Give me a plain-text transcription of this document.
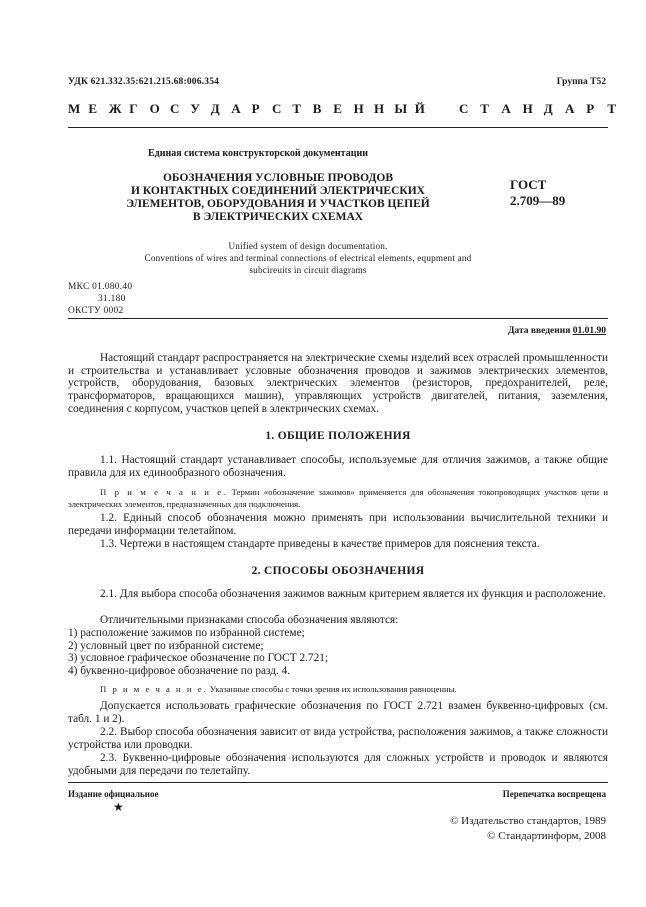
УДК 621.332.35:621.215.68:006.354	Группа Т52
М Е Ж Г О С У Д А Р С Т В Е Н Н Ы Й	С Т А Н Д А Р Т
Единая система конструкторской документации
ОБОЗНАЧЕНИЯ УСЛОВНЫЕ ПРОВОДОВ
И КОНТАКТНЫХ СОЕДИНЕНИЙ ЭЛЕКТРИЧЕСКИХ
ЭЛЕМЕНТОВ, ОБОРУДОВАНИЯ И УЧАСТКОВ ЦЕПЕЙ
В ЭЛЕКТРИЧЕСКИХ СХЕМАХ
ГОСТ
2.709—89
Unified system of design documentation.
Conventions of wires and terminal connections of electrical elements, equpment and
subcireuits in circuit diagrams
МКС 01.080.40
31.180
ОКСТУ 0002
Дата введения 01.01.90
Настоящий стандарт распространяется на электрические схемы изделий всех отраслей промышленности и строительства и устанавливает условные обозначения проводов и зажимов электрических элементов, устройств, оборудования, базовых электрических элементов (резисторов, предохранителей, реле, трансформаторов, вращающихся машин), управляющих устройств двигателей, питания, заземления, соединения с корпусом, участков цепей в электрических схемах.
1. ОБЩИЕ ПОЛОЖЕНИЯ
1.1. Настоящий стандарт устанавливает способы, используемые для отличия зажимов, а также общие правила для их единообразного обозначения.
П р и м е ч а н и е. Термин «обозначение зажимов» применяется для обозначения токопроводящих участков цепи и электрических элементов, предназначенных для подключения.
1.2. Единый способ обозначения можно применять при использовании вычислительной техники и передачи информации телетайпом.
1.3. Чертежи в настоящем стандарте приведены в качестве примеров для пояснения текста.
2. СПОСОБЫ ОБОЗНАЧЕНИЯ
2.1. Для выбора способа обозначения зажимов важным критерием является их функция и расположение.
Отличительными признаками способа обозначения являются:
1) расположение зажимов по избранной системе;
2) условный цвет по избранной системе;
3) условное графическое обозначение по ГОСТ 2.721;
4) буквенно-цифровое обозначение по разд. 4.
П р и м е ч а н и е. Указанные способы с точки зрения их использования равноценны.
Допускается использовать графические обозначения по ГОСТ 2.721 взамен буквенно-цифровых (см. табл. 1 и 2).
2.2. Выбор способа обозначения зависит от вида устройства, расположения зажимов, а также сложности устройства или проводки.
2.3. Буквенно-цифровые обозначения используются для сложных устройств и проводок и являются удобными для передачи по телетайпу.
Издание официальное	Перепечатка воспрещена
★
© Издательство стандартов, 1989
© Стандартинформ, 2008
